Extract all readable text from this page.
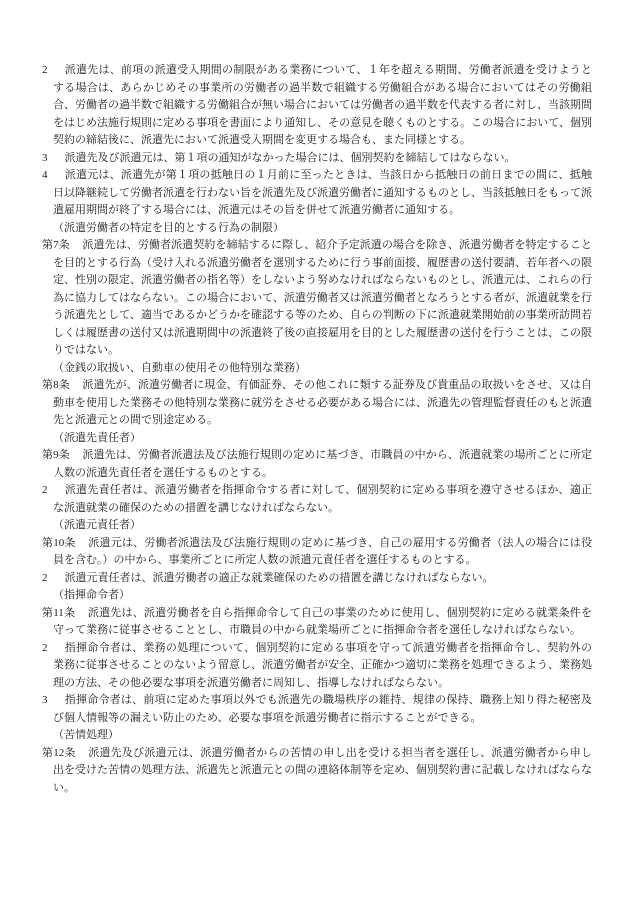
2 派遣先は、前項の派遣受入期間の制限がある業務について、１年を超える期間、労働者派遣を受けようとする場合は、あらかじめその事業所の労働者の過半数で組織する労働組合がある場合においてはその労働組合、労働者の過半数で組織する労働組合が無い場合においては労働者の過半数を代表する者に対し、当該期間をはじめ法施行規則に定める事項を書面により通知し、その意見を聴くものとする。この場合において、個別契約の締結後に、派遣先において派遣受入期間を変更する場合も、また同様とする。

3 派遣先及び派遣元は、第１項の通知がなかった場合には、個別契約を締結してはならない。

4 派遣元は、派遣先が第１項の抵触日の１月前に至ったときは、当該日から抵触日の前日までの間に、抵触日以降継続して労働者派遣を行わない旨を派遣先及び派遣労働者に通知するものとし、当該抵触日をもって派遣雇用期間が終了する場合には、派遣元はその旨を併せて派遣労働者に通知する。

（派遣労働者の特定を目的とする行為の制限）

第7条 派遣先は、労働者派遣契約を締結するに際し、紹介予定派遣の場合を除き、派遣労働者を特定することを目的とする行為（受け入れる派遣労働者を選別するために行う事前面接、履歴書の送付要請、若年者への限定、性別の限定、派遣労働者の指名等）をしないよう努めなければならないものとし、派遣元は、これらの行為に協力してはならない。この場合において、派遣労働者又は派遣労働者となろうとする者が、派遣就業を行う派遣先として、適当であるかどうかを確認する等のため、自らの判断の下に派遣就業開始前の事業所訪問若しくは履歴書の送付又は派遣期間中の派遣終了後の直接雇用を目的とした履歴書の送付を行うことは、この限りではない。

（金銭の取扱い、自動車の使用その他特別な業務）

第8条 派遣先が、派遣労働者に現金、有価証券、その他これに類する証券及び貴重品の取扱いをさせ、又は自動車を使用した業務その他特別な業務に就労をさせる必要がある場合には、派遣先の管理監督責任のもと派遣先と派遣元との間で別途定める。

（派遣先責任者）

第9条 派遣先は、労働者派遣法及び法施行規則の定めに基づき、市職員の中から、派遣就業の場所ごとに所定人数の派遣先責任者を選任するものとする。

2 派遣先責任者は、派遣労働者を指揮命令する者に対して、個別契約に定める事項を遵守させるほか、適正な派遣就業の確保のための措置を講じなければならない。

（派遣元責任者）

第10条 派遣元は、労働者派遣法及び法施行規則の定めに基づき、自己の雇用する労働者（法人の場合には役員を含む。）の中から、事業所ごとに所定人数の派遣元責任者を選任するものとする。

2 派遣元責任者は、派遣労働者の適正な就業確保のための措置を講じなければならない。

（指揮命令者）

第11条 派遣先は、派遣労働者を自ら指揮命令して自己の事業のために使用し、個別契約に定める就業条件を守って業務に従事させることとし、市職員の中から就業場所ごとに指揮命令者を選任しなければならない。

2 指揮命令者は、業務の処理について、個別契約に定める事項を守って派遣労働者を指揮命令し、契約外の業務に従事させることのないよう留意し、派遣労働者が安全、正確かつ適切に業務を処理できるよう、業務処理の方法、その他必要な事項を派遣労働者に周知し、指導しなければならない。

3 指揮命令者は、前項に定めた事項以外でも派遣先の職場秩序の維持、規律の保持、職務上知り得た秘密及び個人情報等の漏えい防止のため、必要な事項を派遣労働者に指示することができる。

（苦情処理）

第12条 派遣先及び派遣元は、派遣労働者からの苦情の申し出を受ける担当者を選任し、派遣労働者から申し出を受けた苦情の処理方法、派遣先と派遣元との間の連絡体制等を定め、個別契約書に記載しなければならない。
